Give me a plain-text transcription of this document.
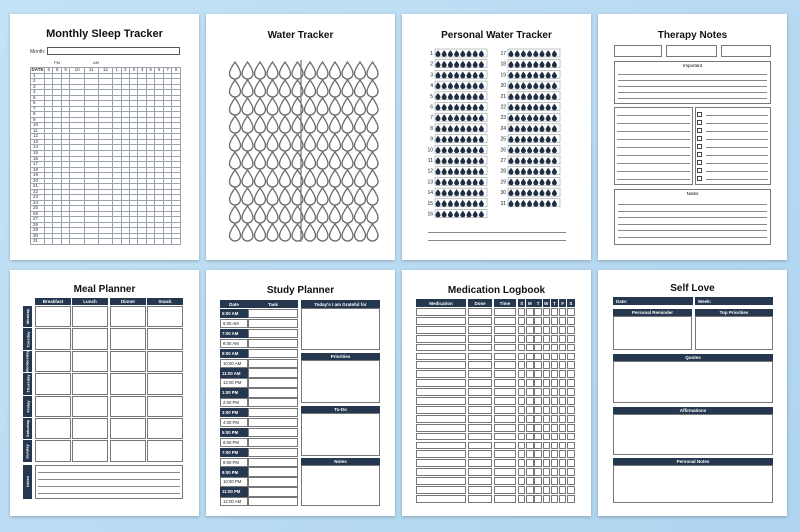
Monthly Sleep Tracker
Month:
PM	AM
DATE	6	8	9	10	11	12	1	2	3	4	5	6	7	8
1														
2														
3														
4														
5														
6														
7														
8														
9														
10														
11														
12														
13														
14														
15														
16														
17														
18														
19														
20														
21														
22														
23														
24														
25														
26														
27														
28														
29														
30														
31														
Water Tracker	Personal Water Tracker
1
2
3
4
5
6
7
8
9
10
11
12
13
14
15
16
17
18
19
20
21
22
23
24
25
26
27
28
29
30
31
Therapy Notes
Important
Notes
Meal Planner
Breakfast	Lunch	Dinner	Snack
Monday
Tuesday
Wednesday
Thursday
Friday
Saturday
Sunday
Notes
Study Planner
Date	Task	Today's I am Grateful for
Priorities
To-Do
Notes
5:00 AM
6:00 AM
7:00 AM
8:00 AM
9:00 AM
10:00 AM
11:00 AM
12:00 PM
1:00 PM
2:00 PM
3:00 PM
4:00 PM
5:00 PM
6:00 PM
7:00 PM
8:00 PM
9:00 PM
10:00 PM
11:00 PM
12:00 AM
Medication Logbook
Medication	Dose	Time	S	M	T	W	T	F	S
Self Love
Date:	Week:
Personal Reminder	Top Priorities
Quotes
Affirmations
Personal Notes
